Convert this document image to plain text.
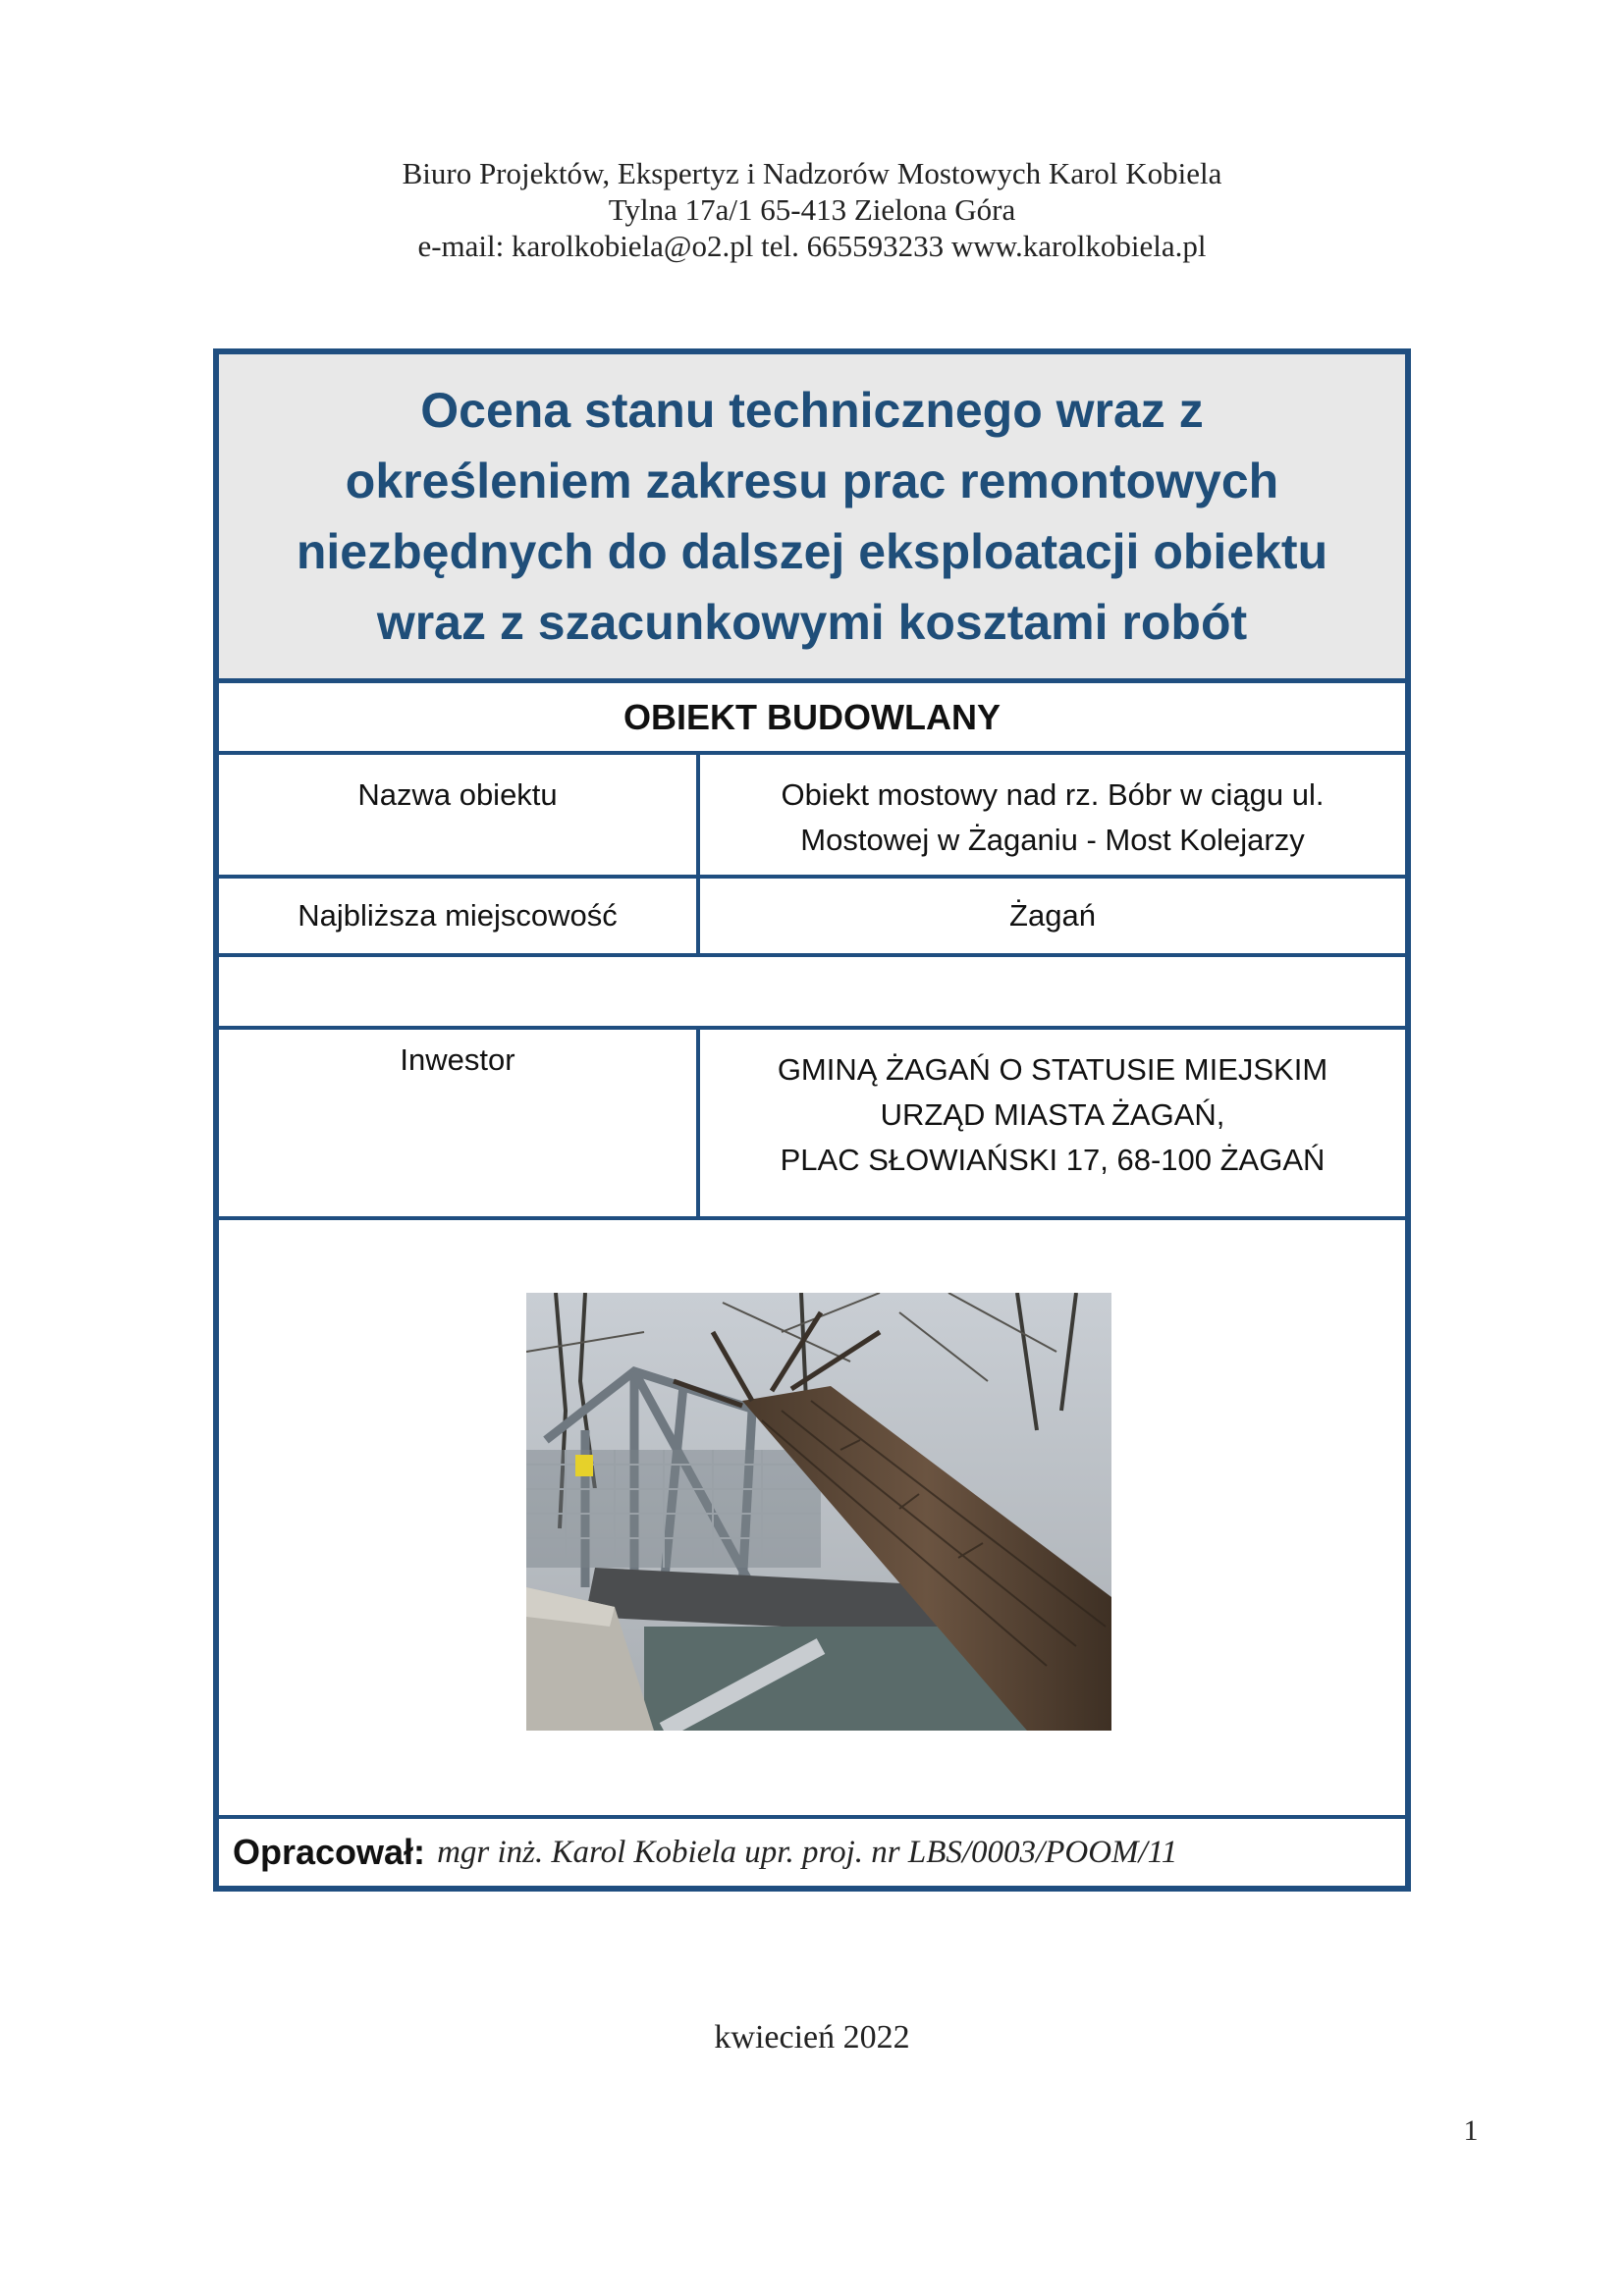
Biuro Projektów, Ekspertyz i Nadzorów Mostowych Karol Kobiela
Tylna 17a/1 65-413 Zielona Góra
e-mail: karolkobiela@o2.pl tel. 665593233 www.karolkobiela.pl
Ocena stanu technicznego wraz z
określeniem zakresu prac remontowych
niezbędnych do dalszej eksploatacji obiektu
wraz z szacunkowymi kosztami robót
OBIEKT BUDOWLANY
Nazwa obiektu	Obiekt mostowy nad rz. Bóbr w ciągu ul.
Mostowej w Żaganiu - Most Kolejarzy
Najbliższa miejscowość	Żagań
Inwestor	GMINĄ ŻAGAŃ O STATUSIE MIEJSKIM
URZĄD MIASTA ŻAGAŃ,
PLAC SŁOWIAŃSKI 17, 68-100 ŻAGAŃ
Opracował: mgr inż. Karol Kobiela upr. proj. nr LBS/0003/POOM/11
kwiecień 2022
1
